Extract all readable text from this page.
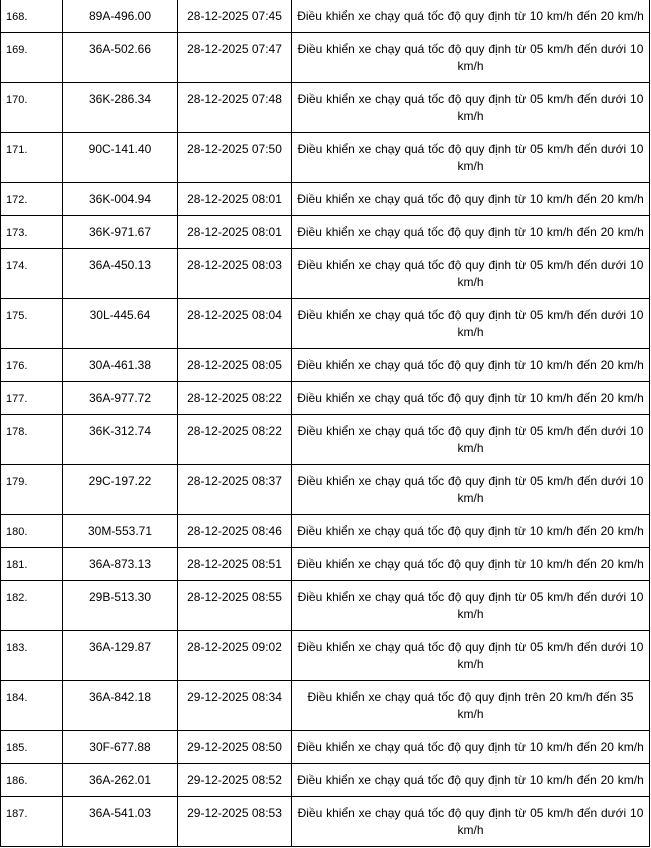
168.	89A-496.00	28-12-2025 07:45	Điều khiển xe chạy quá tốc độ quy định từ 10 km/h đến 20 km/h

169.	36A-502.66	28-12-2025 07:47	Điều khiển xe chạy quá tốc độ quy định từ 05 km/h đến dưới 10 km/h

170.	36K-286.34	28-12-2025 07:48	Điều khiển xe chạy quá tốc độ quy định từ 05 km/h đến dưới 10 km/h

171.	90C-141.40	28-12-2025 07:50	Điều khiển xe chạy quá tốc độ quy định từ 05 km/h đến dưới 10 km/h

172.	36K-004.94	28-12-2025 08:01	Điều khiển xe chạy quá tốc độ quy định từ 10 km/h đến 20 km/h

173.	36K-971.67	28-12-2025 08:01	Điều khiển xe chạy quá tốc độ quy định từ 10 km/h đến 20 km/h

174.	36A-450.13	28-12-2025 08:03	Điều khiển xe chạy quá tốc độ quy định từ 05 km/h đến dưới 10 km/h

175.	30L-445.64	28-12-2025 08:04	Điều khiển xe chạy quá tốc độ quy định từ 05 km/h đến dưới 10 km/h

176.	30A-461.38	28-12-2025 08:05	Điều khiển xe chạy quá tốc độ quy định từ 10 km/h đến 20 km/h

177.	36A-977.72	28-12-2025 08:22	Điều khiển xe chạy quá tốc độ quy định từ 10 km/h đến 20 km/h

178.	36K-312.74	28-12-2025 08:22	Điều khiển xe chạy quá tốc độ quy định từ 05 km/h đến dưới 10 km/h

179.	29C-197.22	28-12-2025 08:37	Điều khiển xe chạy quá tốc độ quy định từ 05 km/h đến dưới 10 km/h

180.	30M-553.71	28-12-2025 08:46	Điều khiển xe chạy quá tốc độ quy định từ 10 km/h đến 20 km/h

181.	36A-873.13	28-12-2025 08:51	Điều khiển xe chạy quá tốc độ quy định từ 10 km/h đến 20 km/h

182.	29B-513.30	28-12-2025 08:55	Điều khiển xe chạy quá tốc độ quy định từ 05 km/h đến dưới 10 km/h

183.	36A-129.87	28-12-2025 09:02	Điều khiển xe chạy quá tốc độ quy định từ 05 km/h đến dưới 10 km/h

184.	36A-842.18	29-12-2025 08:34	Điều khiển xe chạy quá tốc độ quy định trên 20 km/h đến 35 km/h

185.	30F-677.88	29-12-2025 08:50	Điều khiển xe chạy quá tốc độ quy định từ 10 km/h đến 20 km/h

186.	36A-262.01	29-12-2025 08:52	Điều khiển xe chạy quá tốc độ quy định từ 10 km/h đến 20 km/h

187.	36A-541.03	29-12-2025 08:53	Điều khiển xe chạy quá tốc độ quy định từ 05 km/h đến dưới 10 km/h
